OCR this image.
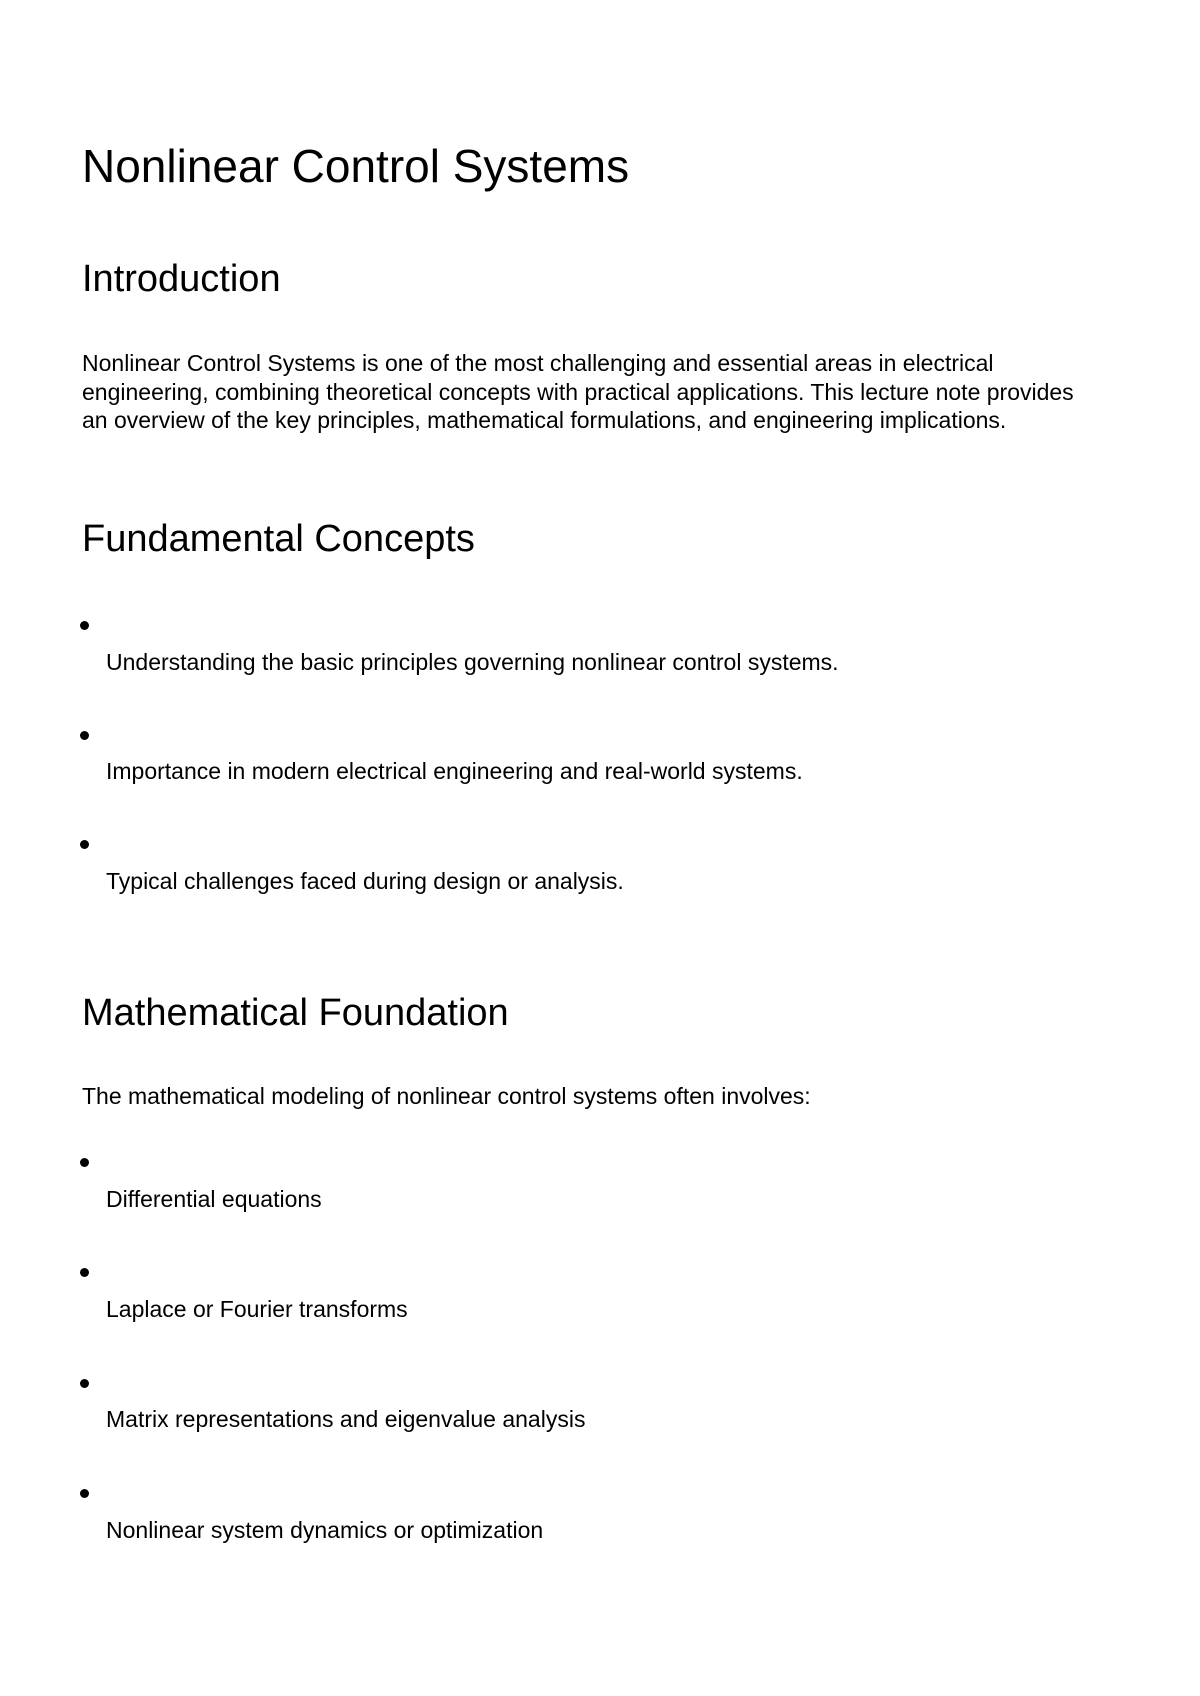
Nonlinear Control Systems
Introduction

Nonlinear Control Systems is one of the most challenging and essential areas in electrical engineering, combining theoretical concepts with practical applications. This lecture note provides an overview of the key principles, mathematical formulations, and engineering implications.

Fundamental Concepts

Understanding the basic principles governing nonlinear control systems.

Importance in modern electrical engineering and real-world systems.

Typical challenges faced during design or analysis.

Mathematical Foundation

The mathematical modeling of nonlinear control systems often involves:

Differential equations

Laplace or Fourier transforms

Matrix representations and eigenvalue analysis

Nonlinear system dynamics or optimization
